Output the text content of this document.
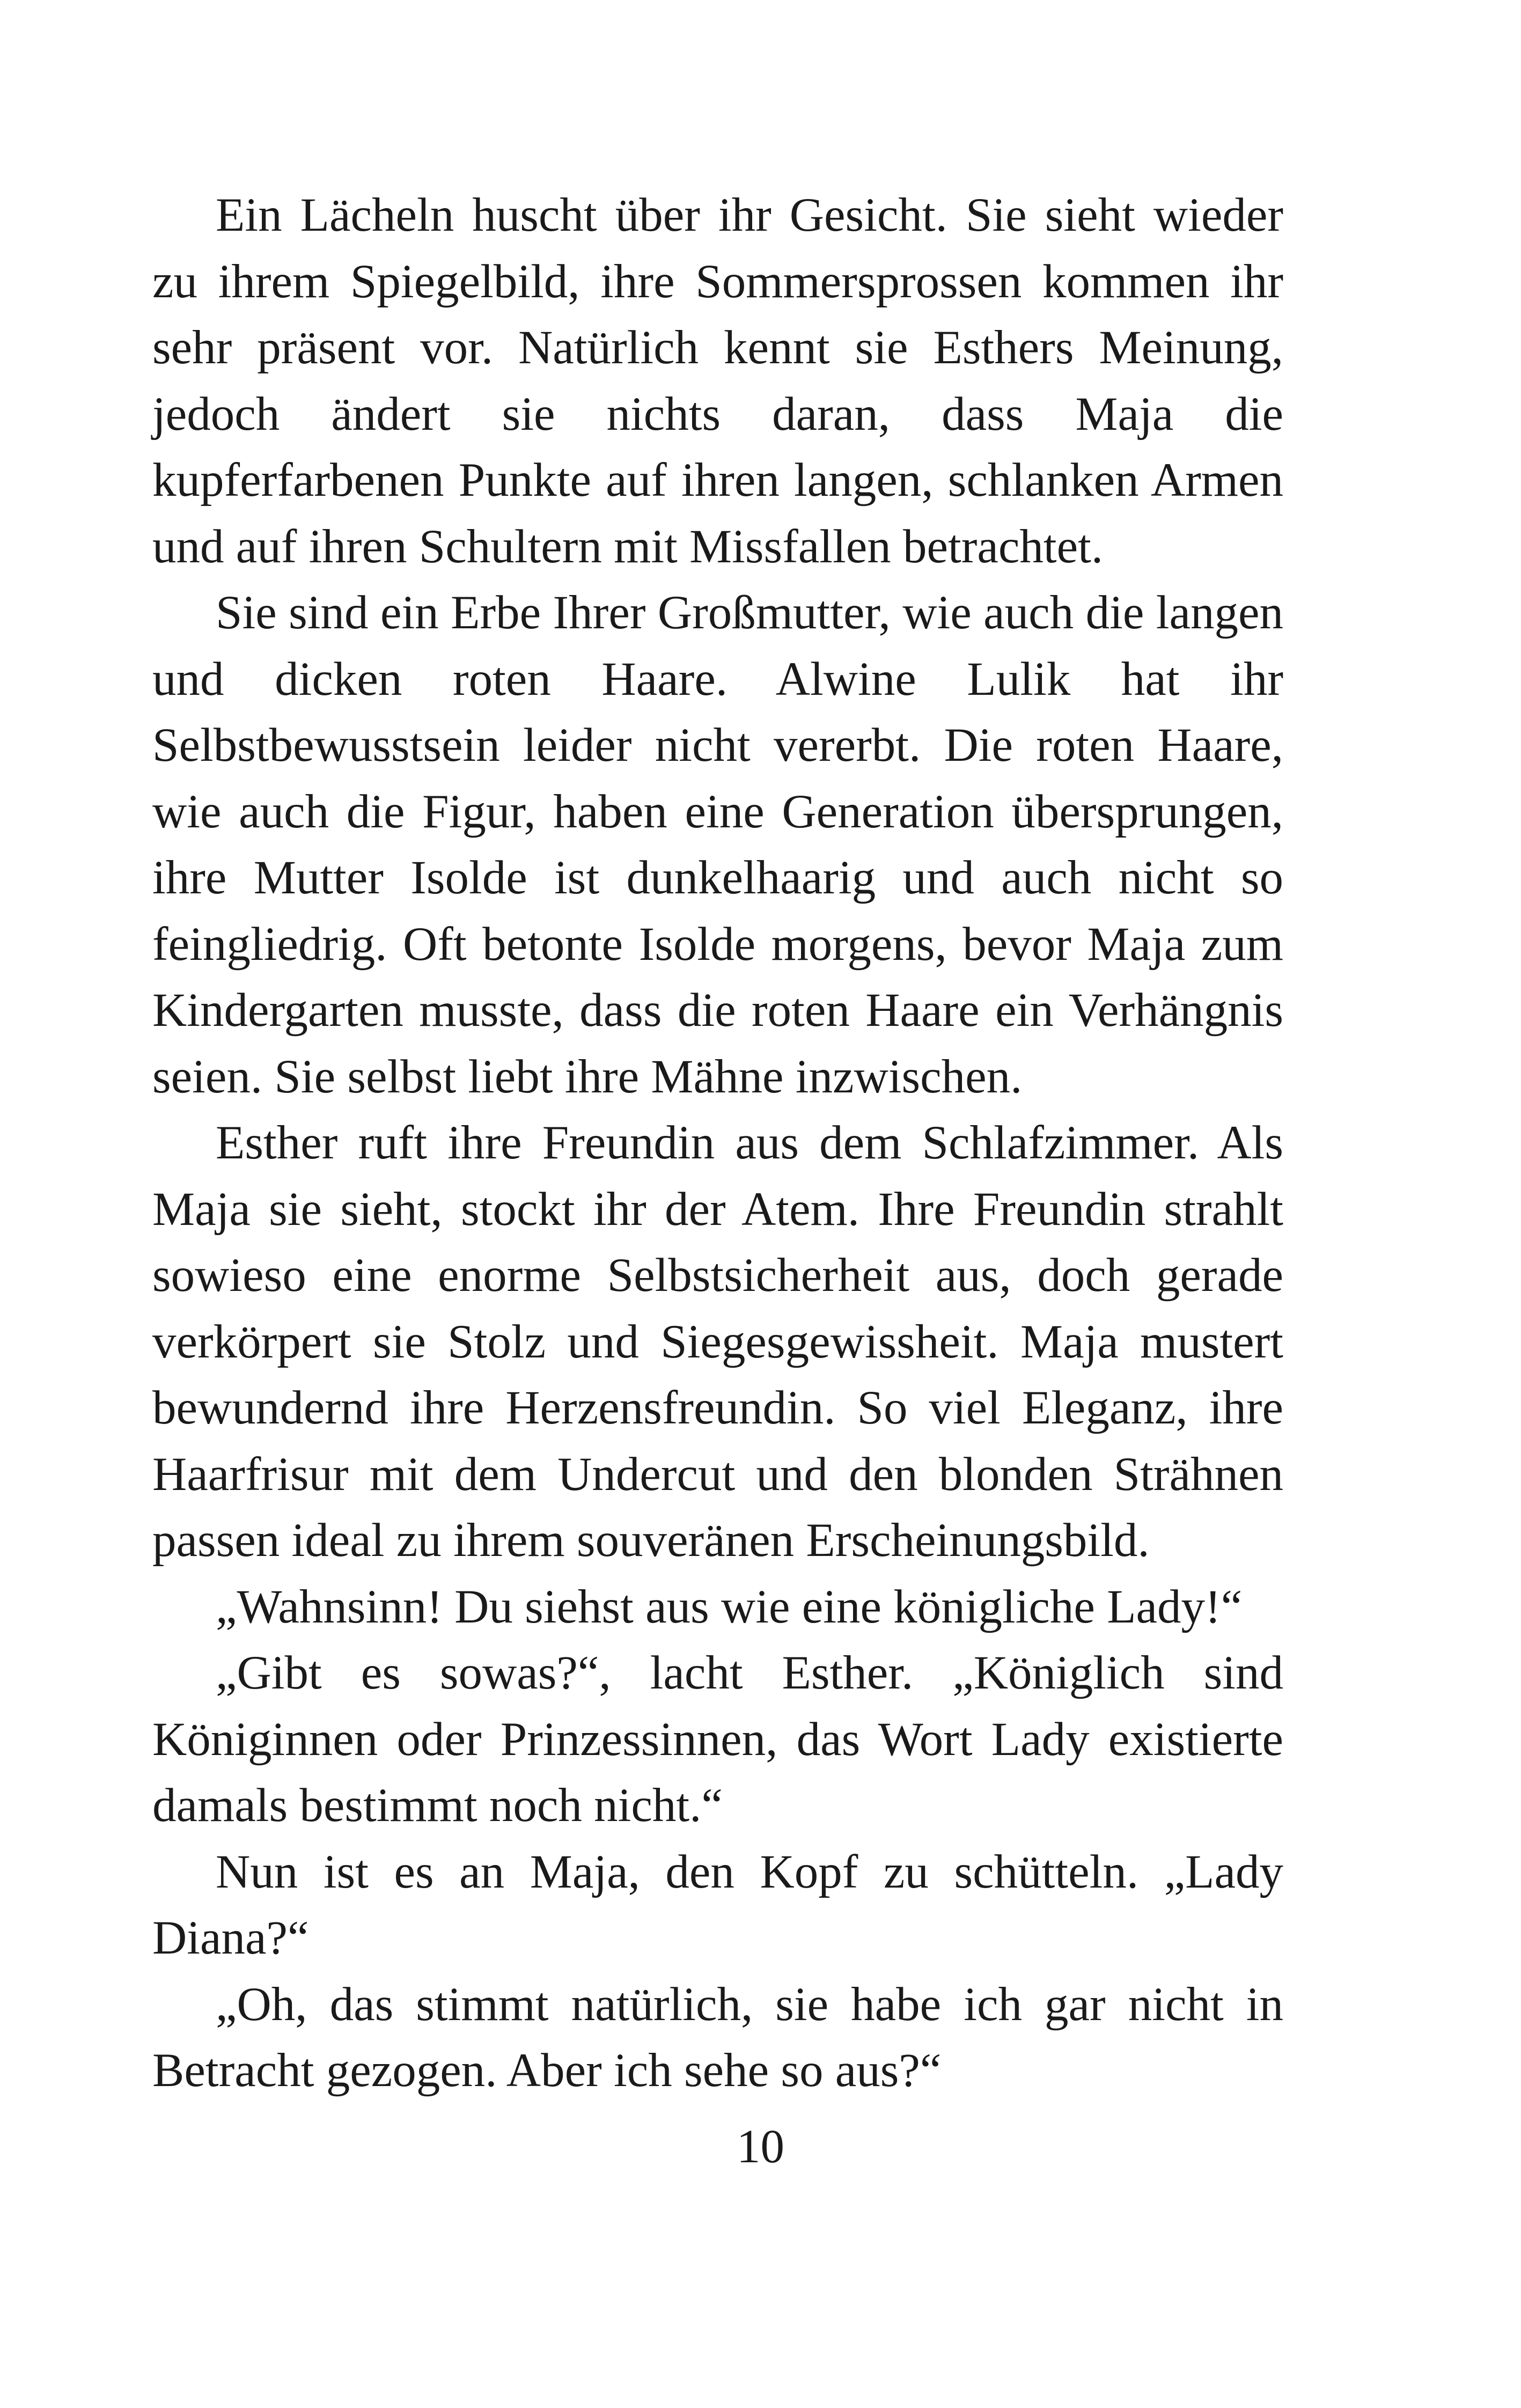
Ein Lächeln huscht über ihr Gesicht. Sie sieht wieder zu ihrem Spiegelbild, ihre Sommersprossen kommen ihr sehr präsent vor. Natürlich kennt sie Esthers Meinung, jedoch ändert sie nichts daran, dass Maja die kupferfarbenen Punkte auf ihren langen, schlanken Armen und auf ihren Schultern mit Missfallen betrachtet.

Sie sind ein Erbe Ihrer Großmutter, wie auch die langen und dicken roten Haare. Alwine Lulik hat ihr Selbstbewusstsein leider nicht vererbt. Die roten Haare, wie auch die Figur, haben eine Generation übersprungen, ihre Mutter Isolde ist dunkelhaarig und auch nicht so feingliedrig. Oft betonte Isolde morgens, bevor Maja zum Kindergarten musste, dass die roten Haare ein Verhängnis seien. Sie selbst liebt ihre Mähne inzwischen.

Esther ruft ihre Freundin aus dem Schlafzimmer. Als Maja sie sieht, stockt ihr der Atem. Ihre Freundin strahlt sowieso eine enorme Selbstsicherheit aus, doch gerade verkörpert sie Stolz und Siegesgewissheit. Maja mustert bewundernd ihre Herzensfreundin. So viel Eleganz, ihre Haarfrisur mit dem Undercut und den blonden Strähnen passen ideal zu ihrem souveränen Erscheinungsbild.

„Wahnsinn! Du siehst aus wie eine königliche Lady!“

„Gibt es sowas?“, lacht Esther. „Königlich sind Königinnen oder Prinzessinnen, das Wort Lady existierte damals bestimmt noch nicht.“

Nun ist es an Maja, den Kopf zu schütteln. „Lady Diana?“

„Oh, das stimmt natürlich, sie habe ich gar nicht in Betracht gezogen. Aber ich sehe so aus?“

10
